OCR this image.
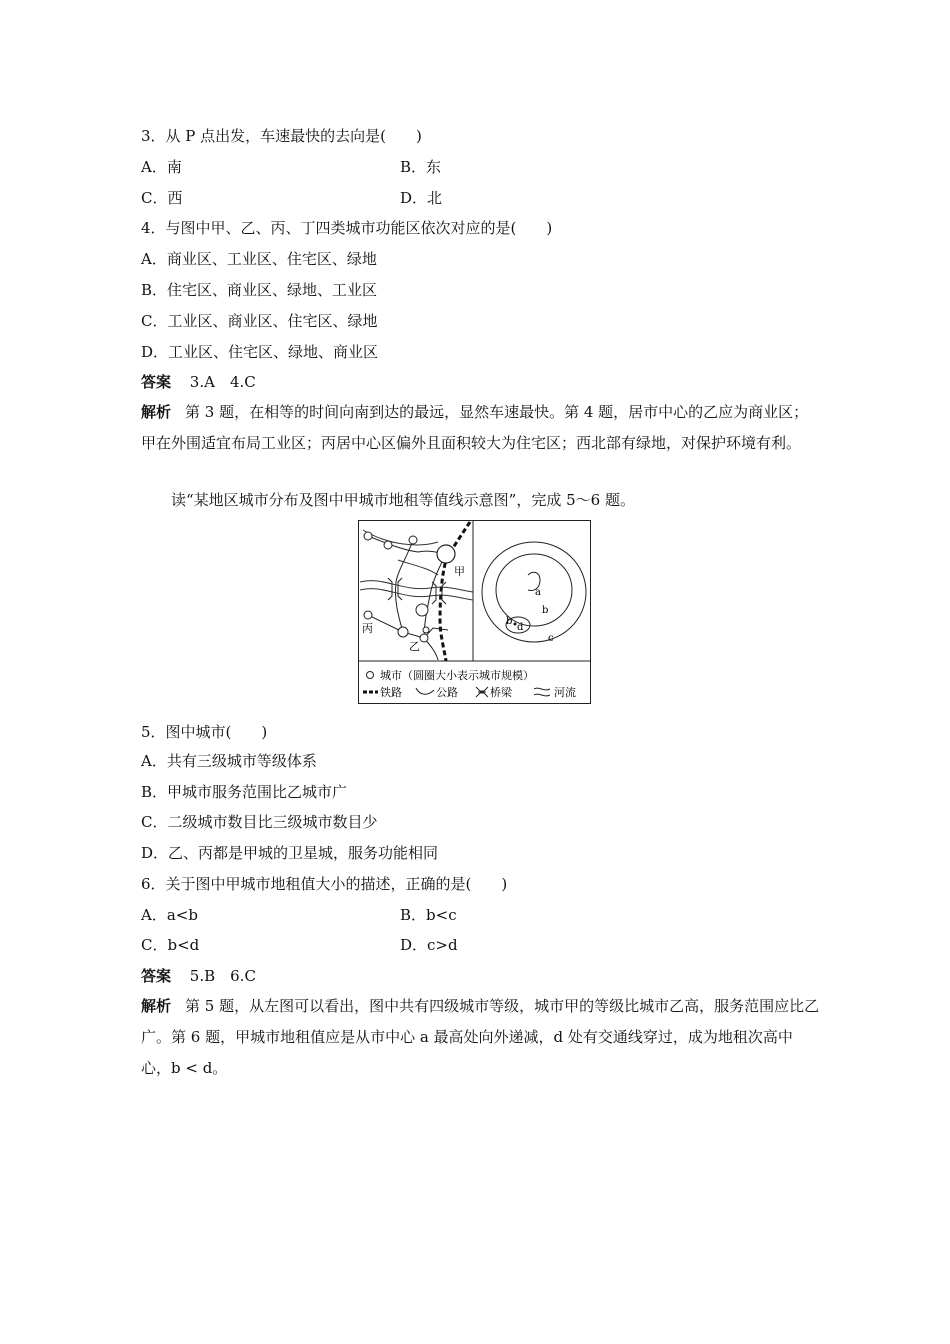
3．从 P 点出发，车速最快的去向是(　　)
A．南	B．东
C．西	D．北
4．与图中甲、乙、丙、丁四类城市功能区依次对应的是(　　)
A．商业区、工业区、住宅区、绿地
B．住宅区、商业区、绿地、工业区
C．工业区、商业区、住宅区、绿地
D．工业区、住宅区、绿地、商业区
答案 3.A　4.C
解析 第 3 题，在相等的时间向南到达的最远，显然车速最快。第 4 题，居市中心的乙应为商业区；甲在外围适宜布局工业区；丙居中心区偏外且面积较大为住宅区；西北部有绿地，对保护环境有利。
读“某地区城市分布及图中甲城市地租等值线示意图”，完成 5～6 题。
甲
乙
丙
a
b
b
d
c
城市（圆圈大小表示城市规模）
铁路	公路	桥梁	河流
5．图中城市(　　)
A．共有三级城市等级体系
B．甲城市服务范围比乙城市广
C．二级城市数目比三级城市数目少
D．乙、丙都是甲城的卫星城，服务功能相同
6．关于图中甲城市地租值大小的描述，正确的是(　　)
A．a<b	B．b<c
C．b<d	D．c>d
答案 5.B　6.C
解析 第 5 题，从左图可以看出，图中共有四级城市等级，城市甲的等级比城市乙高，服务范围应比乙广。第 6 题，甲城市地租值应是从市中心 a 最高处向外递减，d 处有交通线穿过，成为地租次高中心，b < d。
